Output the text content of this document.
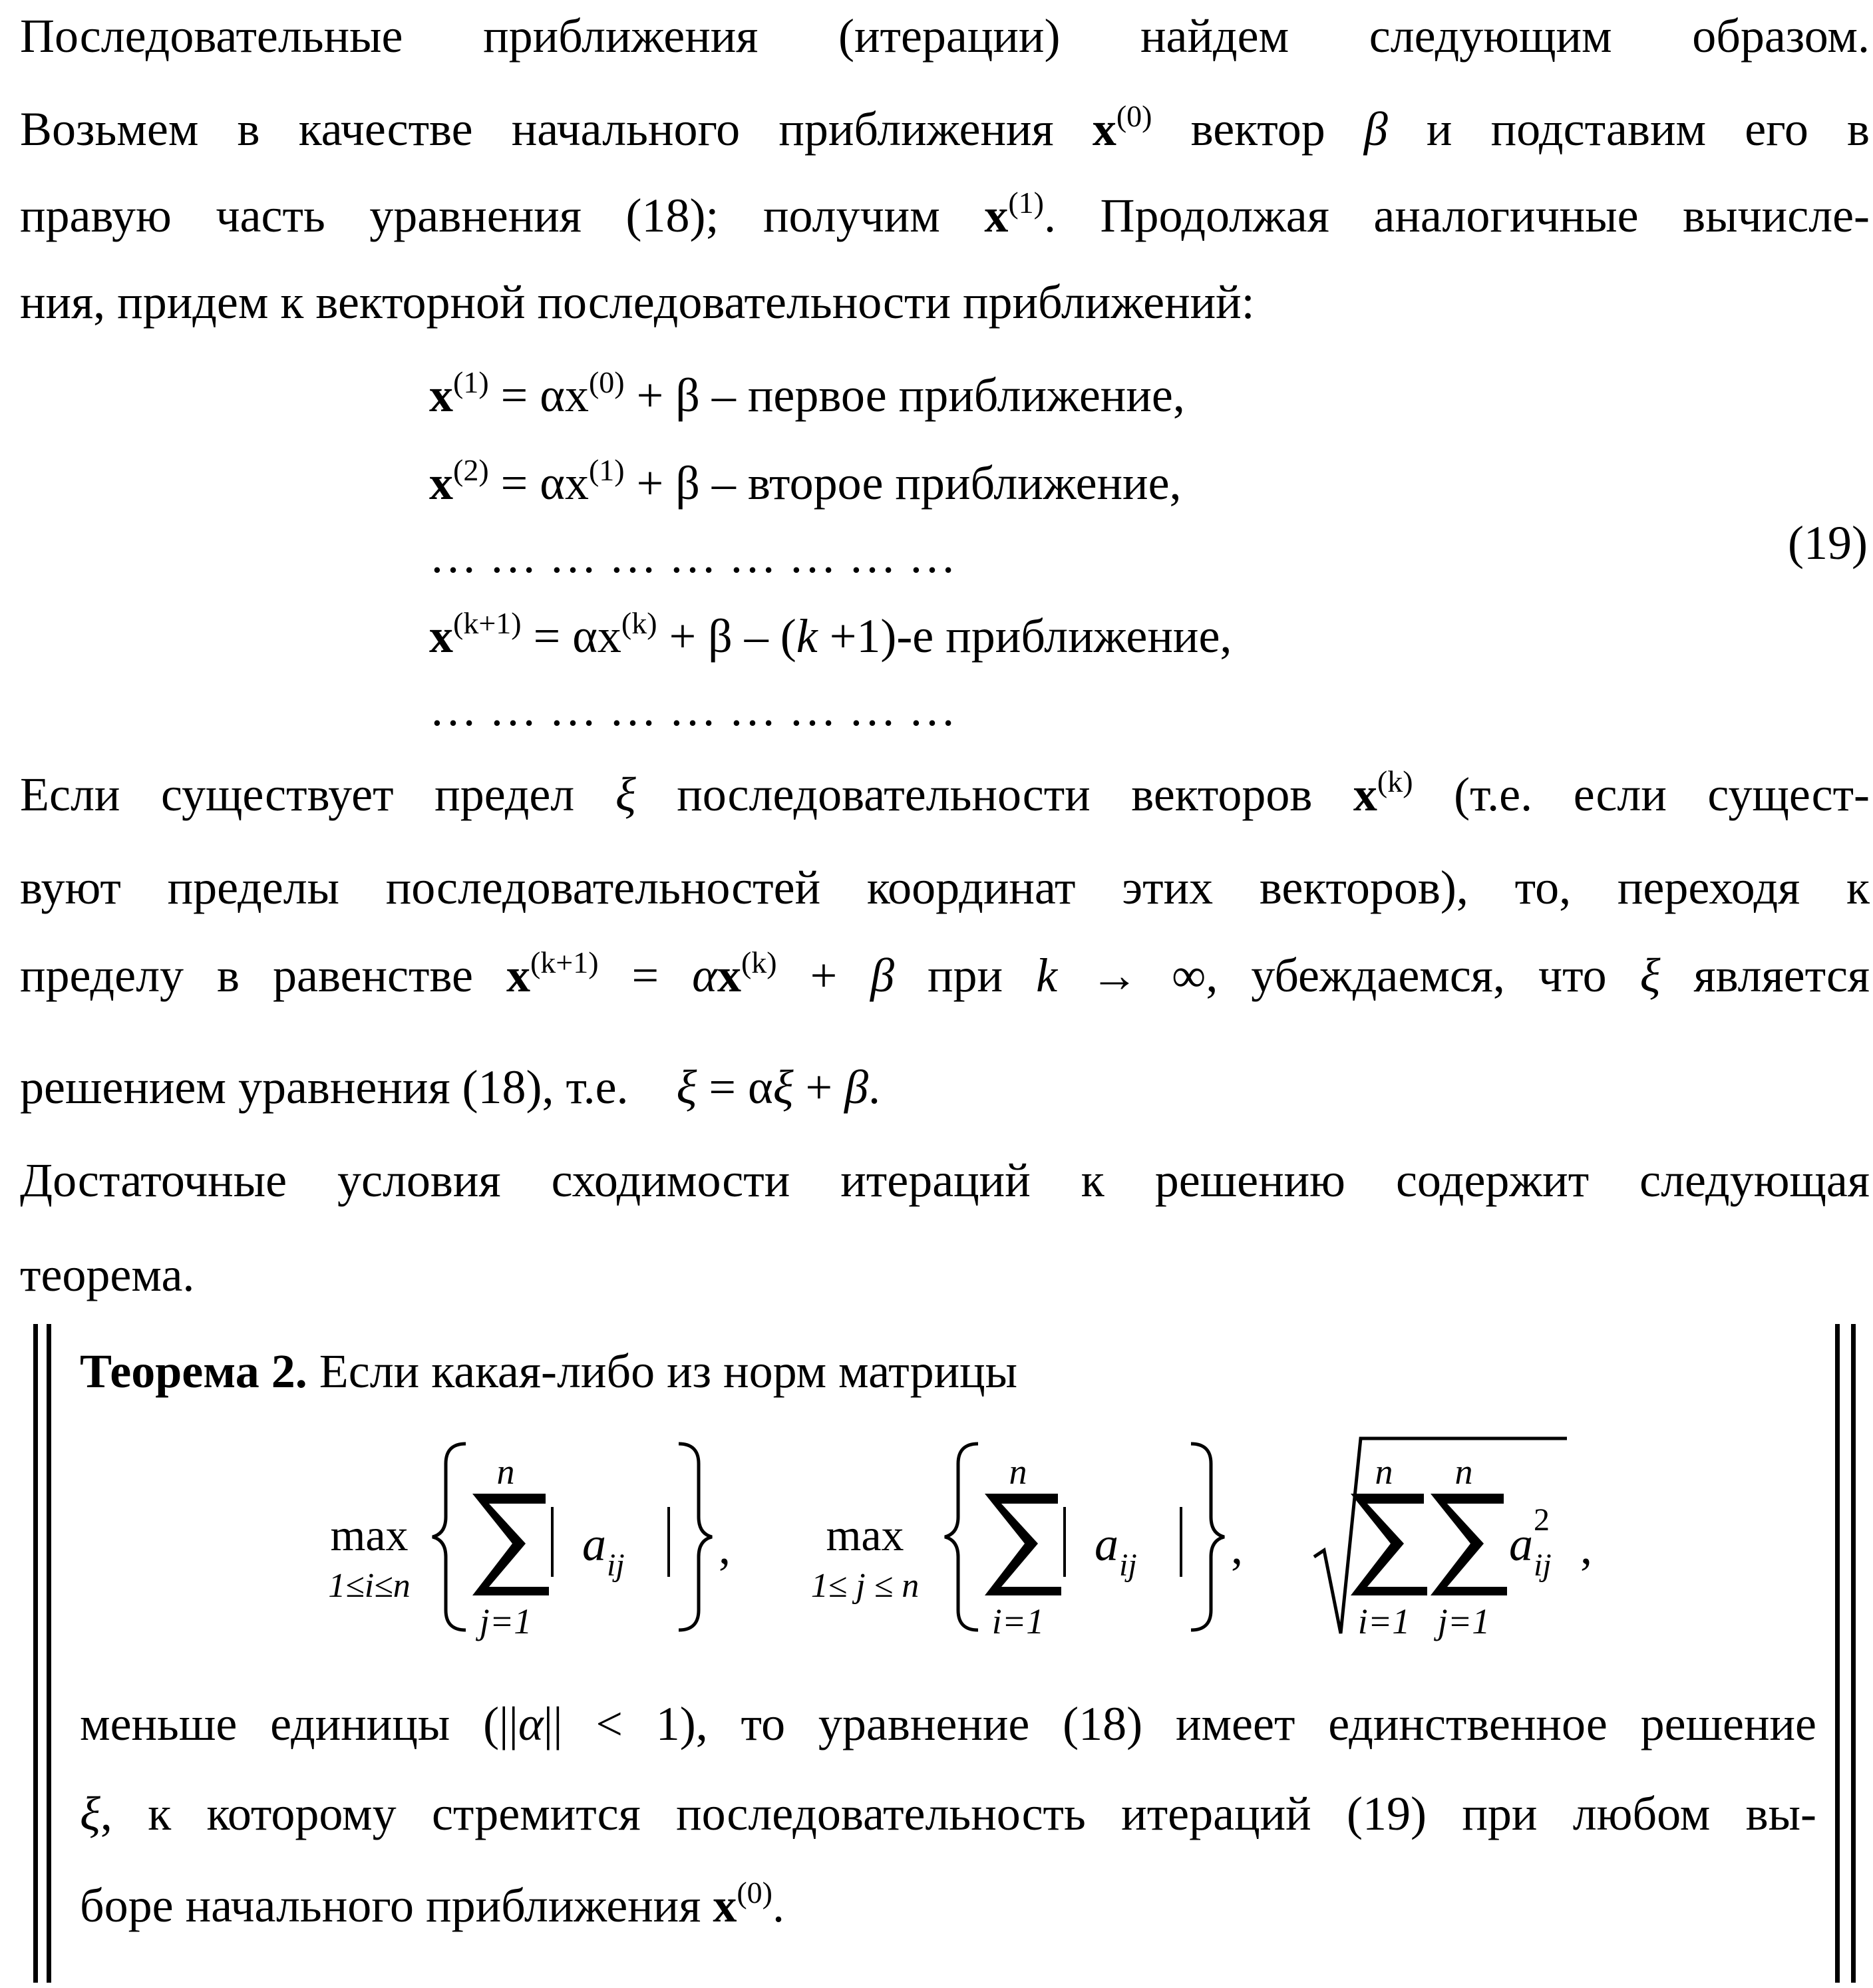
Последовательные приближения (итерации) найдем следующим образом.
Возьмем в качестве начального приближения $x^{(0)}$ вектор β и подставим его в
правую часть уравнения (18); получим $x^{(1)}$. Продолжая аналогичные вычисле-
ния, придем к векторной последовательности приближений:
$x^{(1)} = \alpha x^{(0)} + \beta$ – первое приближение,
$x^{(2)} = \alpha x^{(1)} + \beta$ – второе приближение,
… … … … … … … … …	(19)
$x^{(k+1)} = \alpha x^{(k)} + \beta - (k +1)-е$ приближение,
… … … … … … … … …
Если существует предел ξ последовательности векторов $x^{(k)}$ (т.е. если сущест-
вуют пределы последовательностей координат этих векторов), то, переходя к
пределу в равенстве $x^{(k+1)} = \alpha x^{(k)} + \beta$ при k → ∞, убеждаемся, что ξ является
решением уравнения (18), т.е. ξ = αξ + β.
Достаточные условия сходимости итераций к решению содержит следующая
теорема.
Теорема 2. Если какая-либо из норм матрицы
max
1≤i≤n
n
j=1
a ij , max
1≤ j ≤ n
n
i=1
a ij ,
n
i=1
n
j=1
a 2
ij ,
меньше единицы (||α|| < 1), то уравнение (18) имеет единственное решение
ξ, к которому стремится последовательность итераций (19) при любом вы-
боре начального приближения $x^{(0)}$.
